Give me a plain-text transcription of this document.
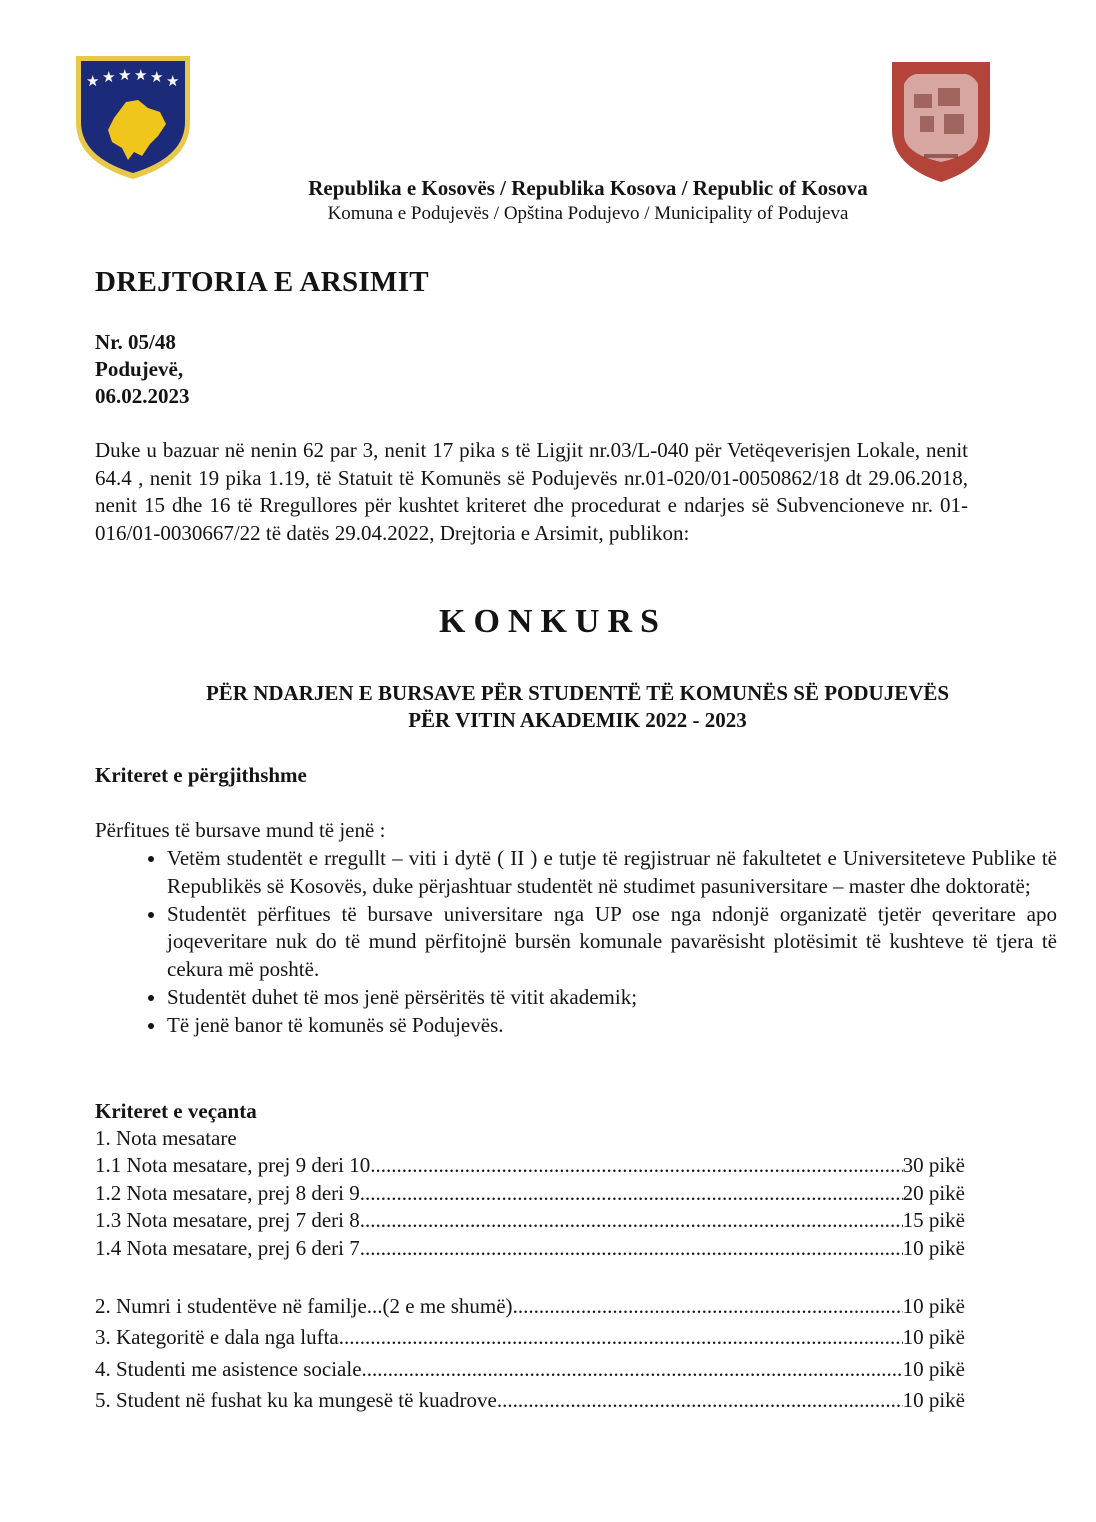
★ ★ ★ ★ ★ ★
Republika e Kosovës / Republika Kosova / Republic of Kosova
Komuna e Podujevës / Opština Podujevo / Municipality of Podujeva
DREJTORIA E ARSIMIT
Nr. 05/48
Podujevë,
06.02.2023
Duke u bazuar në nenin 62 par 3, nenit 17 pika s të Ligjit nr.03/L-040 për Vetëqeverisjen Lokale, nenit 64.4 , nenit 19 pika 1.19, të Statuit të Komunës së Podujevës nr.01-020/01-0050862/18 dt 29.06.2018, nenit 15 dhe 16 të Rregullores për kushtet kriteret dhe procedurat e ndarjes së Subvencioneve nr. 01-016/01-0030667/22 të datës 29.04.2022, Drejtoria e Arsimit, publikon:
KONKURS
PËR NDARJEN E BURSAVE PËR STUDENTË TË KOMUNËS SË PODUJEVËS
PËR VITIN AKADEMIK 2022 - 2023
Kriteret e përgjithshme
Përfitues të bursave mund të jenë :
• Vetëm studentët e rregullt – viti i dytë ( II ) e tutje të regjistruar në fakultetet e Universiteteve Publike të Republikës së Kosovës, duke përjashtuar studentët në studimet pasuniversitare – master dhe doktoratë;
• Studentët përfitues të bursave universitare nga UP ose nga ndonjë organizatë tjetër qeveritare apo joqeveritare nuk do të mund përfitojnë bursën komunale pavarësisht plotësimit të kushteve të tjera të cekura më poshtë.
• Studentët duhet të mos jenë përsëritës të vitit akademik;
• Të jenë banor të komunës së Podujevës.
Kriteret e veçanta
1. Nota mesatare
1.1 Nota mesatare, prej 9 deri 10 .....	30 pikë
1.2 Nota mesatare, prej 8 deri 9 .....	20 pikë
1.3 Nota mesatare, prej 7 deri 8 .....	15 pikë
1.4 Nota mesatare, prej 6 deri 7 .....	10 pikë
2. Numri i studentëve në familje...(2 e me shumë) .....	10 pikë
3. Kategoritë e dala nga lufta .....	10 pikë
4. Studenti me asistence sociale .....	10 pikë
5. Student në fushat ku ka mungesë të kuadrove .....	10 pikë
